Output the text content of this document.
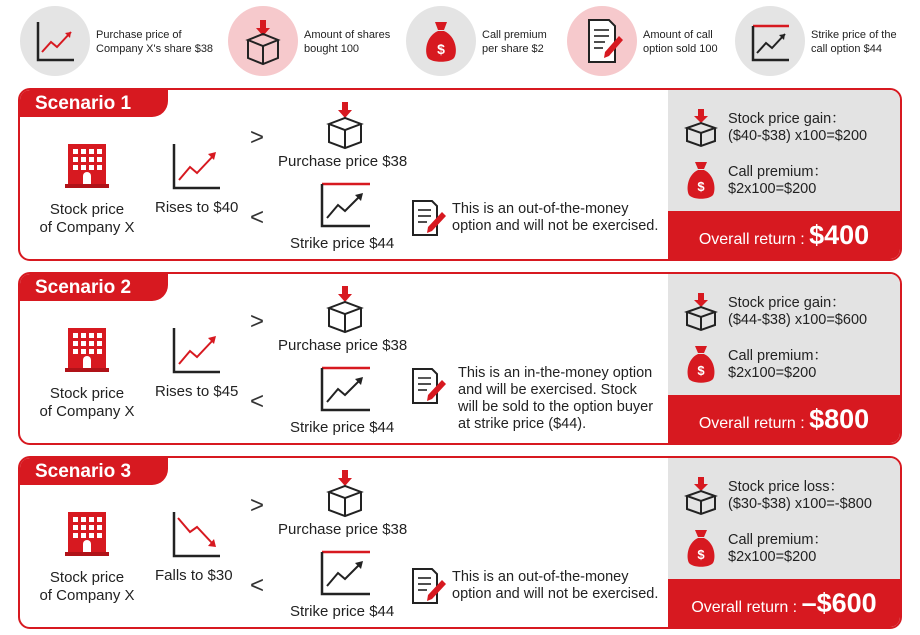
Purchase price of
Company X's share $38
Amount of shares
bought 100	$
Call premium
per share $2
Amount of call
option sold 100
Strike price of the
call option $44
Scenario 1
Stock price
of Company X
Rises to $40
>
<
Purchase price $38
Strike price $44
This is an out-of-the-money
option and will not be exercised.
Stock price gain：
($40-$38) x100=$200
$
Call premium：
$2x100=$200
Overall return : $400
Scenario 2
Stock price
of Company X
Rises to $45
>
<
Purchase price $38
Strike price $44
This is an in-the-money option
and will be exercised. Stock
will be sold to the option buyer
at strike price ($44).
Stock price gain：
($44-$38) x100=$600
$
Call premium：
$2x100=$200
Overall return : $800
Scenario 3
Stock price
of Company X
Falls to $30
>
<
Purchase price $38
Strike price $44
This is an out-of-the-money
option and will not be exercised.
Stock price loss：
($30-$38) x100=-$800
$
Call premium：
$2x100=$200
Overall return : –$600
